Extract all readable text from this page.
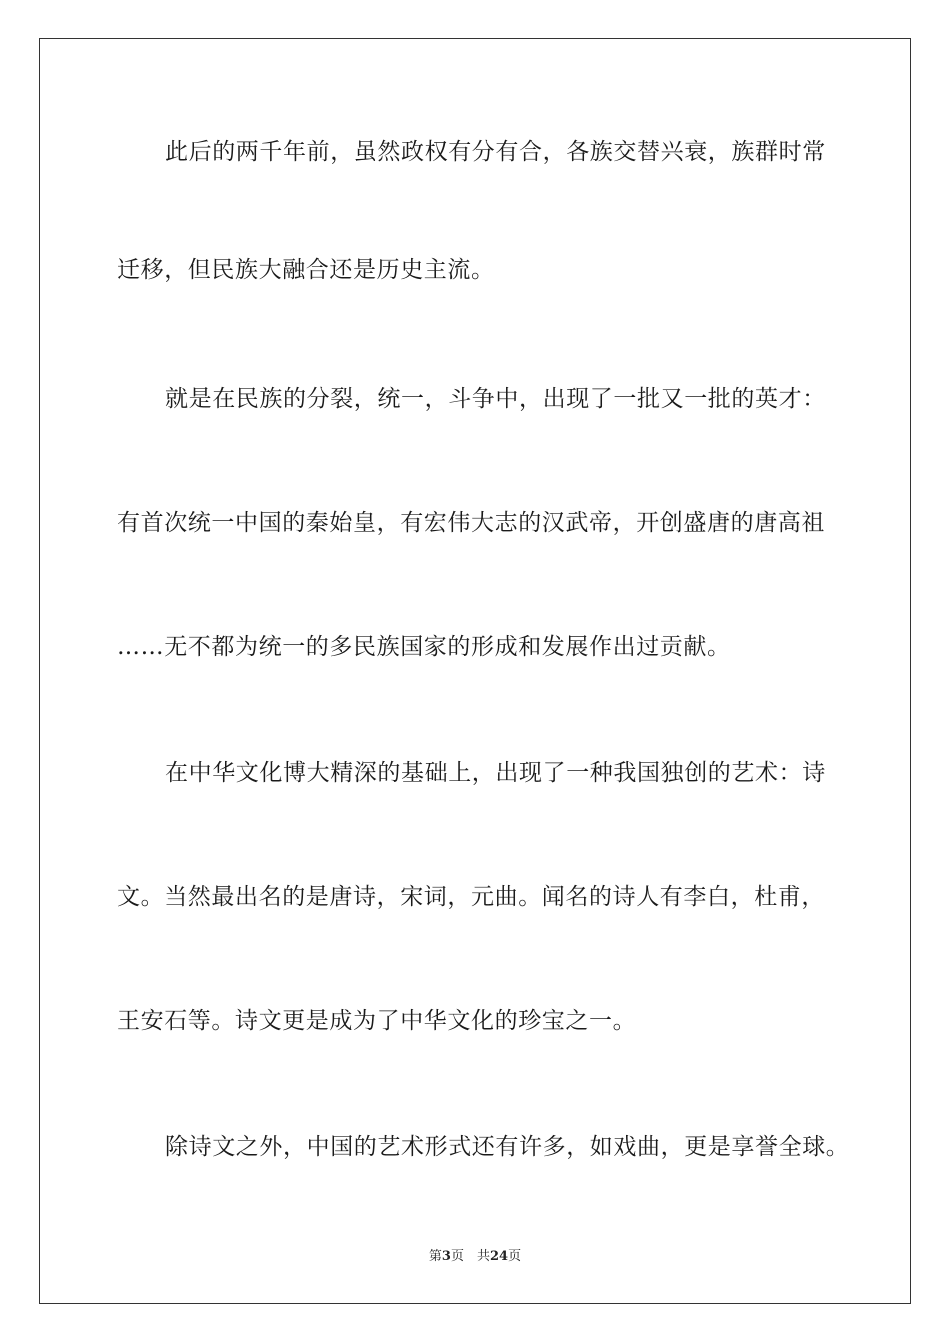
此后的两千年前，虽然政权有分有合，各族交替兴衰，族群时常
迁移，但民族大融合还是历史主流。
就是在民族的分裂，统一，斗争中，出现了一批又一批的英才：
有首次统一中国的秦始皇，有宏伟大志的汉武帝，开创盛唐的唐高祖
……无不都为统一的多民族国家的形成和发展作出过贡献。
在中华文化博大精深的基础上，出现了一种我国独创的艺术：诗
文。当然最出名的是唐诗，宋词，元曲。闻名的诗人有李白，杜甫，
王安石等。诗文更是成为了中华文化的珍宝之一。
除诗文之外，中国的艺术形式还有许多，如戏曲，更是享誉全球。
第3页　共24页
